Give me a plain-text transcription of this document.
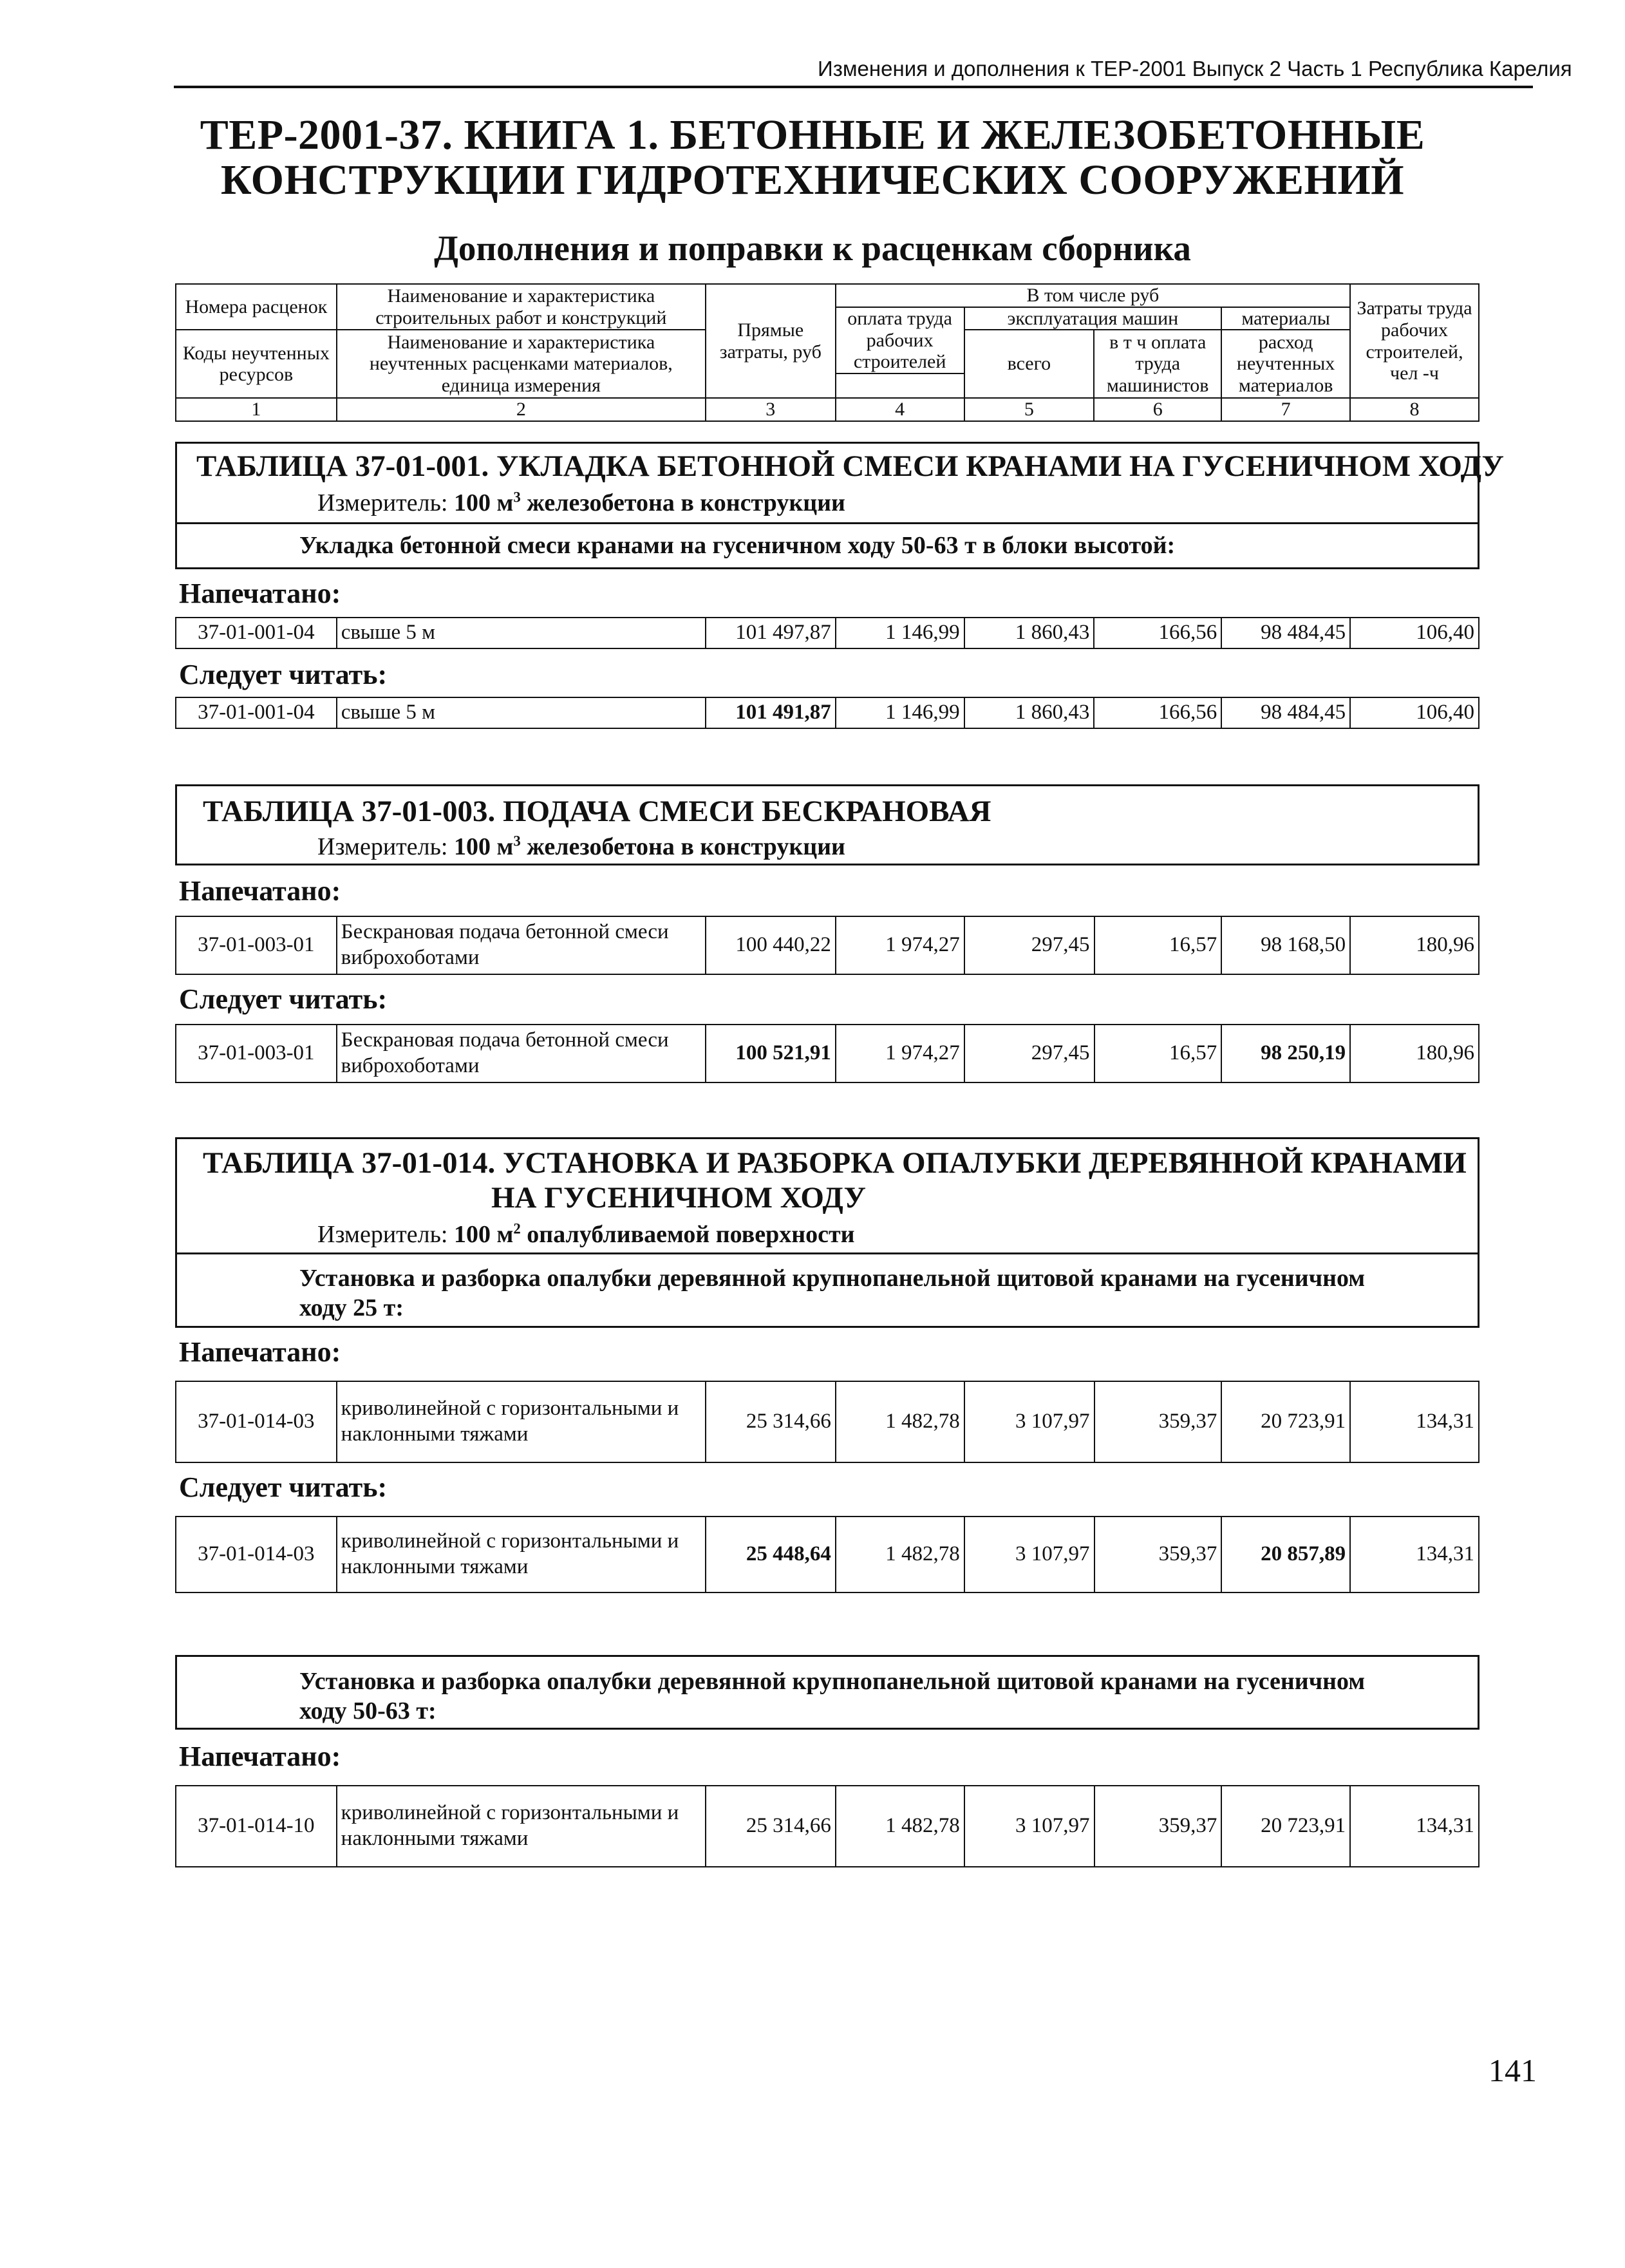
Изменения и дополнения к ТЕР-2001 Выпуск 2 Часть 1 Республика Карелия
ТЕР-2001-37. КНИГА 1. БЕТОННЫЕ И ЖЕЛЕЗОБЕТОННЫЕ
КОНСТРУКЦИИ ГИДРОТЕХНИЧЕСКИХ СООРУЖЕНИЙ
Дополнения и поправки к расценкам сборника
Номера расценок	Наименование и характеристика строительных работ и конструкций	Прямые затраты, руб	В том числе руб				Затраты труда рабочих строителей, чел -ч
			оплата труда рабочих строителей	эксплуатация машин		материалы	
Коды неучтенных ресурсов	Наименование и характеристика неучтенных расценками материалов, единица измерения			всего	в т ч оплата труда машинистов	расход неучтенных материалов	

1	2	3	4	5	6	7	8
ТАБЛИЦА 37-01-001. УКЛАДКА БЕТОННОЙ СМЕСИ КРАНАМИ НА ГУСЕНИЧНОМ ХОДУ
Измеритель: 100 $м^3$ железобетона в конструкции
Укладка бетонной смеси кранами на гусеничном ходу 50-63 т в блоки высотой:
Напечатано:
37-01-001-04	свыше 5 м	101 497,87	1 146,99	1 860,43	166,56	98 484,45	106,40
Следует читать:
37-01-001-04	свыше 5 м	101 491,87	1 146,99	1 860,43	166,56	98 484,45	106,40
ТАБЛИЦА 37-01-003. ПОДАЧА СМЕСИ БЕСКРАНОВАЯ
Измеритель: 100 $м^3$ железобетона в конструкции
Напечатано:
37-01-003-01	Бескрановая подача бетонной смеси виброхоботами	100 440,22	1 974,27	297,45	16,57	98 168,50	180,96
Следует читать:
37-01-003-01	Бескрановая подача бетонной смеси виброхоботами	100 521,91	1 974,27	297,45	16,57	98 250,19	180,96
ТАБЛИЦА 37-01-014. УСТАНОВКА И РАЗБОРКА ОПАЛУБКИ ДЕРЕВЯННОЙ КРАНАМИ
НА ГУСЕНИЧНОМ ХОДУ
Измеритель: 100 $м^2$ опалубливаемой поверхности
Установка и разборка опалубки деревянной крупнопанельной щитовой кранами на гусеничном
ходу 25 т:
Напечатано:
37-01-014-03	криволинейной с горизонтальными и наклонными тяжами	25 314,66	1 482,78	3 107,97	359,37	20 723,91	134,31
Следует читать:
37-01-014-03	криволинейной с горизонтальными и наклонными тяжами	25 448,64	1 482,78	3 107,97	359,37	20 857,89	134,31
Установка и разборка опалубки деревянной крупнопанельной щитовой кранами на гусеничном
ходу 50-63 т:
Напечатано:
37-01-014-10	криволинейной с горизонтальными и наклонными тяжами	25 314,66	1 482,78	3 107,97	359,37	20 723,91	134,31
141
